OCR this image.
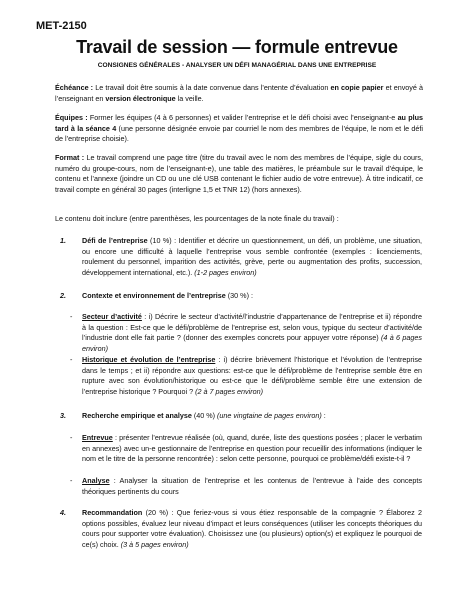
MET-2150
Travail de session — formule entrevue
CONSIGNES GÉNÉRALES - ANALYSER UN DÉFI MANAGÉRIAL DANS UNE ENTREPRISE
Échéance : Le travail doit être soumis à la date convenue dans l’entente d’évaluation en copie papier et envoyé à l’enseignant en version électronique la veille.
Équipes : Former les équipes (4 à 6 personnes) et valider l’entreprise et le défi choisi avec l’enseignant-e au plus tard à la séance 4 (une personne désignée envoie par courriel le nom des membres de l’équipe, le nom et le défi de l’entreprise choisie).
Format : Le travail comprend une page titre (titre du travail avec le nom des membres de l’équipe, sigle du cours, numéro du groupe-cours, nom de l’enseignant-e), une table des matières, le préambule sur le travail d’équipe, le contenu et l’annexe (joindre un CD ou une clé USB contenant le fichier audio de votre entrevue). À titre indicatif, ce travail compte en général 30 pages (interligne 1,5 et TNR 12) (hors annexes).
Le contenu doit inclure (entre parenthèses, les pourcentages de la note finale du travail) :
1. Défi de l’entreprise (10 %) : Identifier et décrire un questionnement, un défi, un problème, une situation, ou encore une difficulté à laquelle l’entreprise vous semble confrontée (exemples : licenciements, roulement du personnel, imparition des activités, grève, perte ou augmentation des profits, succession, développement international, etc.). (1-2 pages environ)
2. Contexte et environnement de l’entreprise (30 %) :
- Secteur d’activité : i) Décrire le secteur d’activité/l’industrie d’appartenance de l’entreprise et ii) répondre à la question : Est-ce que le défi/problème de l’entreprise est, selon vous, typique du secteur d’activité/de l’industrie dont elle fait partie ? (donner des exemples concrets pour appuyer votre réponse) (4 à 6 pages environ)
- Historique et évolution de l’entreprise : i) décrire brièvement l’historique et l’évolution de l’entreprise dans le temps ; et ii) répondre aux questions: est-ce que le défi/problème de l’entreprise semble être en rupture avec son évolution/historique ou est-ce que le défi/problème semble être une extension de l’entreprise historique ? Pourquoi ? (2 à 7 pages environ)
3. Recherche empirique et analyse (40 %) (une vingtaine de pages environ) :
- Entrevue : présenter l’entrevue réalisée (où, quand, durée, liste des questions posées ; placer le verbatim en annexes) avec un-e gestionnaire de l’entreprise en question pour recueillir des informations (indiquer le nom et le titre de la personne rencontrée) : selon cette personne, pourquoi ce problème/défi existe-t-il ?
- Analyse : Analyser la situation de l’entreprise et les contenus de l’entrevue à l’aide des concepts théoriques pertinents du cours
4. Recommandation (20 %) : Que feriez-vous si vous étiez responsable de la compagnie ? Élaborez 2 options possibles, évaluez leur niveau d’impact et leurs conséquences (utiliser les concepts théoriques du cours pour supporter votre évaluation). Choisissez une (ou plusieurs) option(s) et expliquez le pourquoi de ce(s) choix. (3 à 5 pages environ)
